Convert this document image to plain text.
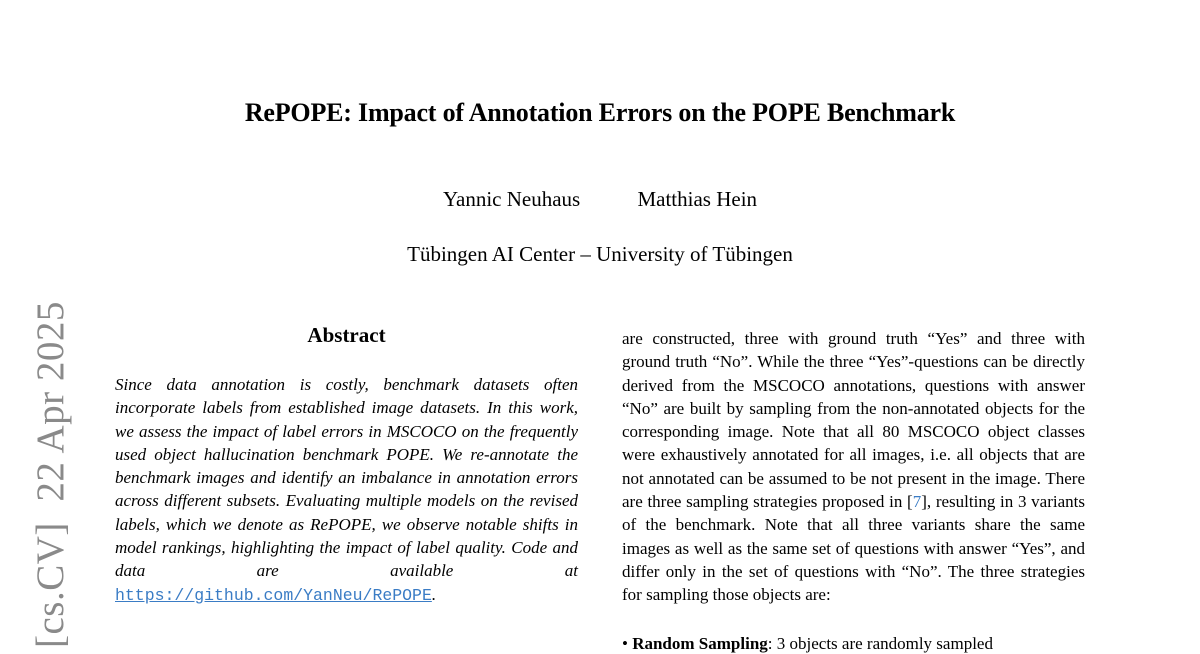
RePOPE: Impact of Annotation Errors on the POPE Benchmark
Yannic Neuhaus	Matthias Hein
Tübingen AI Center – University of Tübingen
[cs.CV]  22 Apr 2025	Abstract
Since data annotation is costly, benchmark datasets often incorporate labels from established image datasets. In this work, we assess the impact of label errors in MSCOCO on the frequently used object hallucination benchmark POPE. We re-annotate the benchmark images and identify an imbalance in annotation errors across different subsets. Evaluating multiple models on the revised labels, which we denote as RePOPE, we observe notable shifts in model rankings, highlighting the impact of label quality. Code and data are available at https://github.com/YanNeu/RePOPE.
are constructed, three with ground truth “Yes” and three with ground truth “No”. While the three “Yes”-questions can be directly derived from the MSCOCO annotations, questions with answer “No” are built by sampling from the non-annotated objects for the corresponding image. Note that all 80 MSCOCO object classes were exhaustively annotated for all images, i.e. all objects that are not annotated can be assumed to be not present in the image. There are three sampling strategies proposed in [7], resulting in 3 variants of the benchmark. Note that all three variants share the same images as well as the same set of questions with answer “Yes”, and differ only in the set of questions with “No”. The three strategies for sampling those objects are:
• Random Sampling: 3 objects are randomly sampled
